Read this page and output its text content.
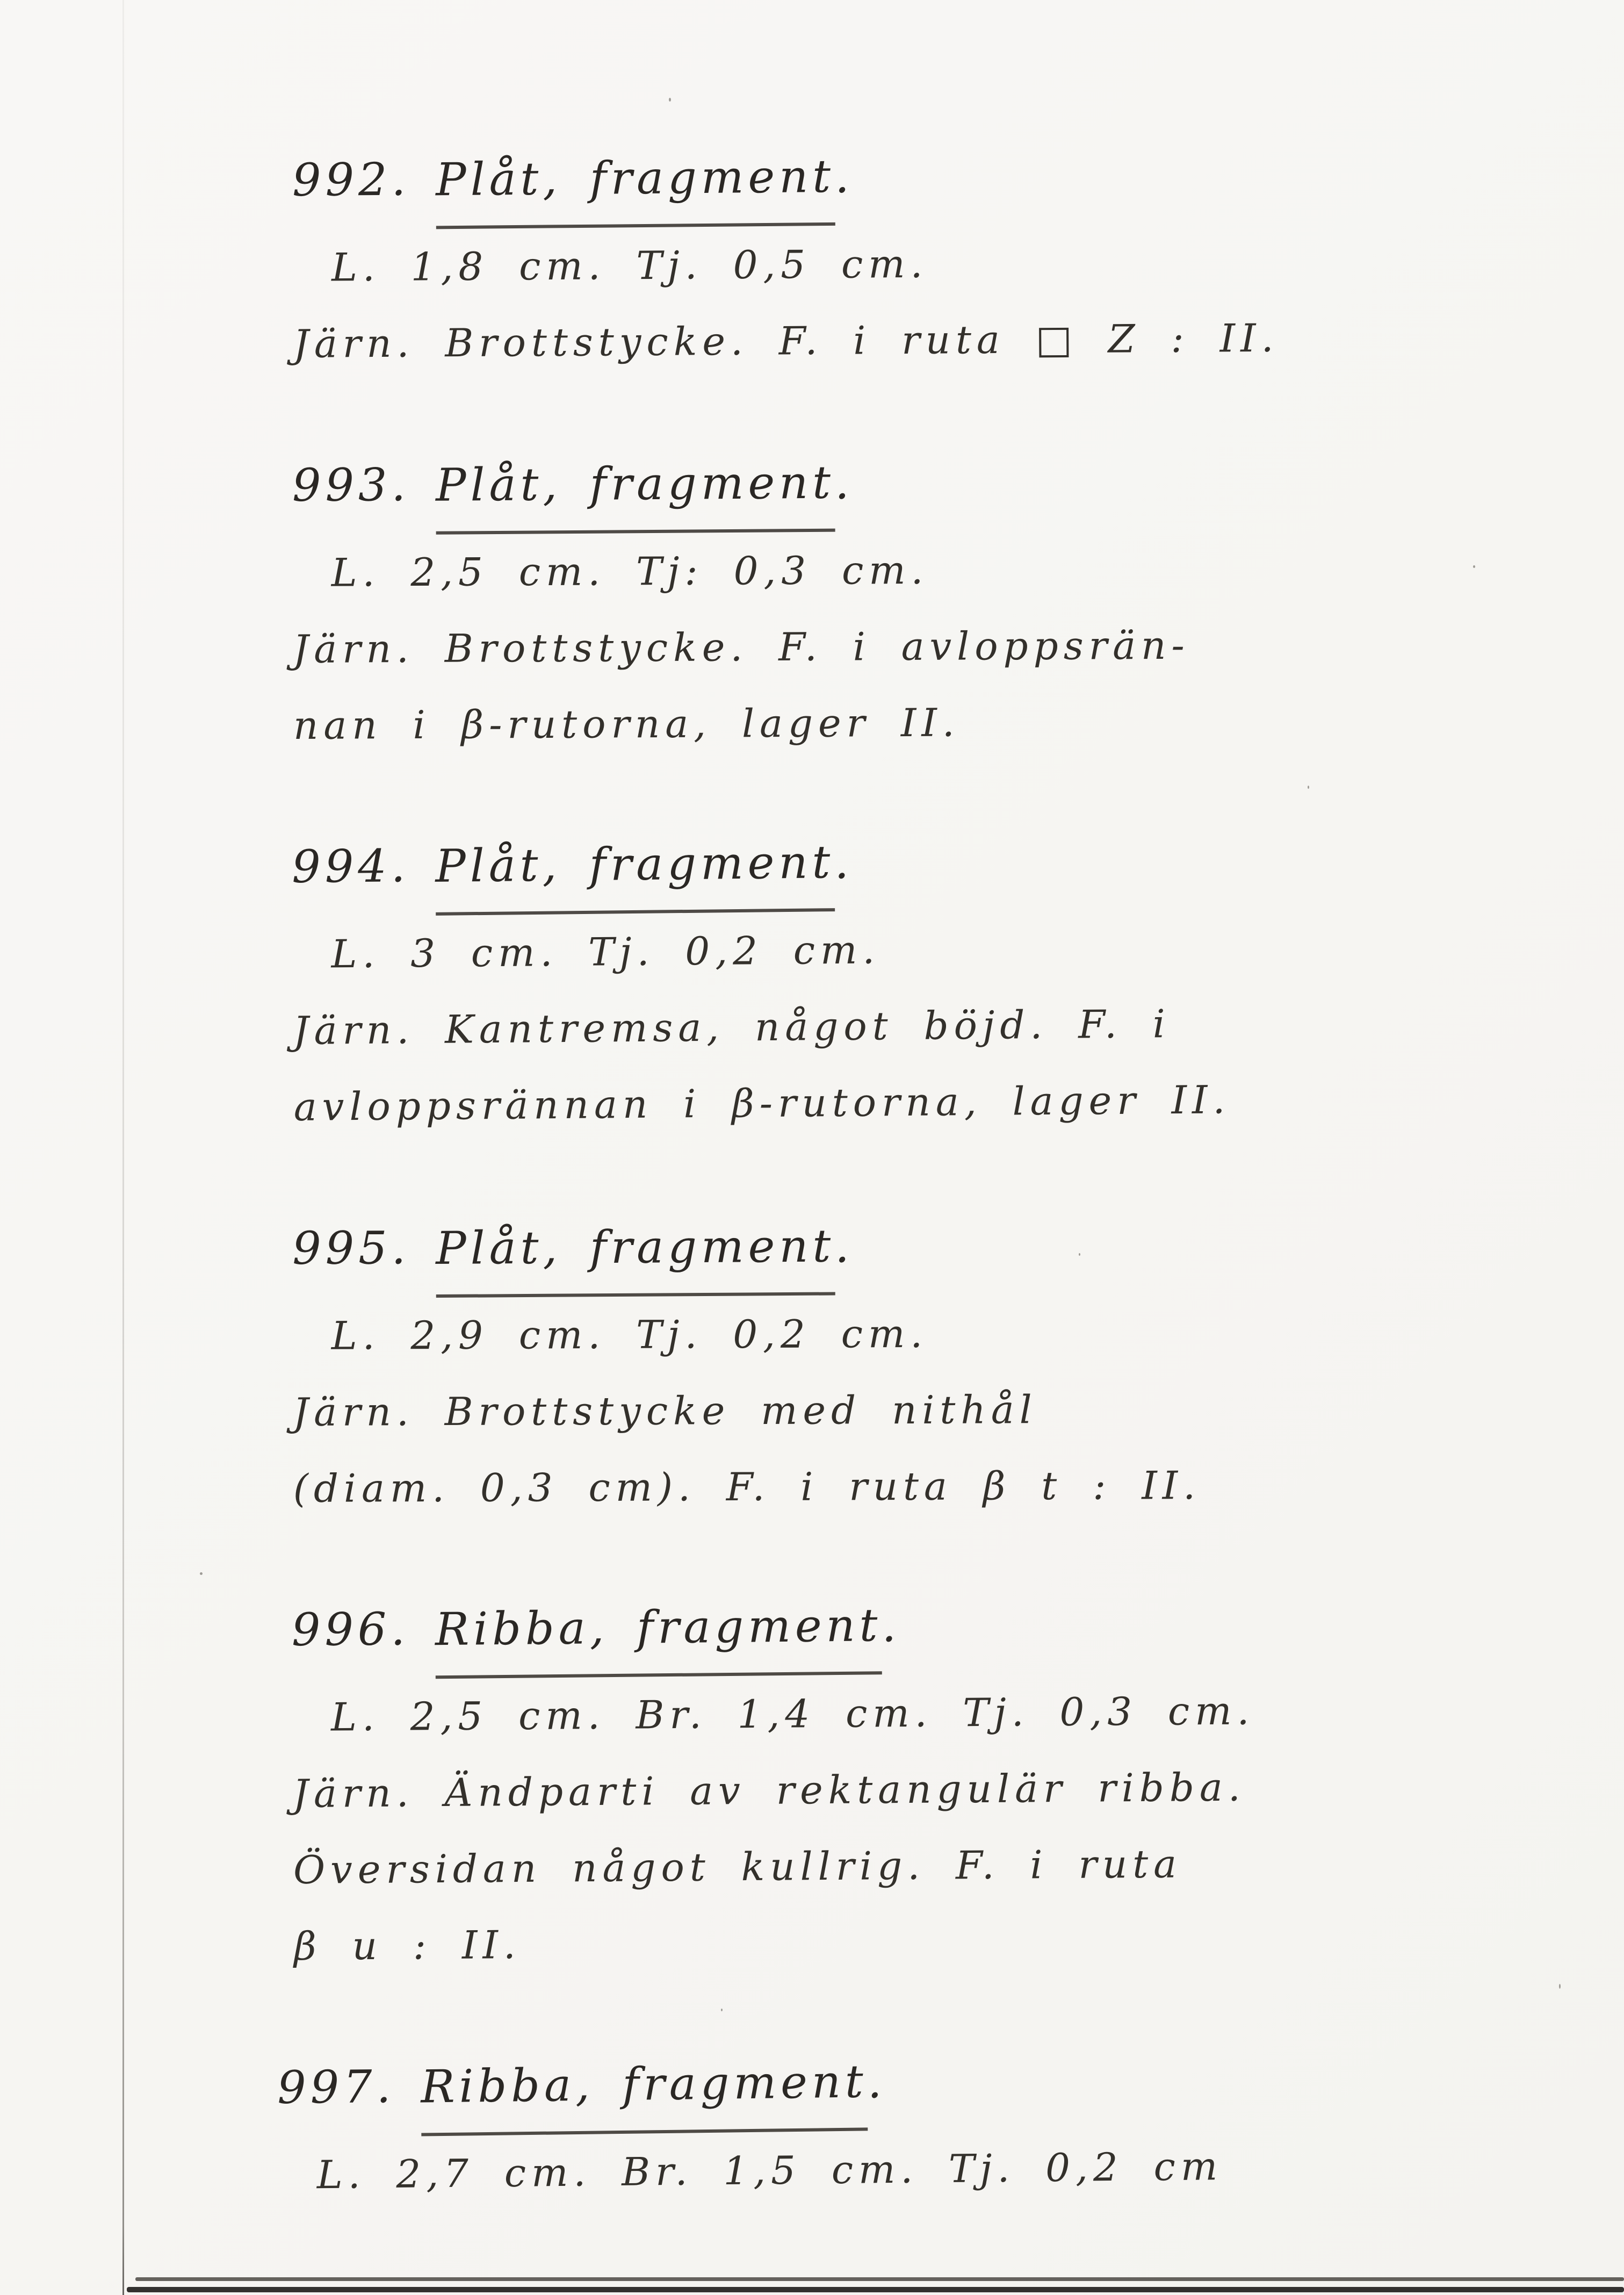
992. Plåt, fragment.
L. 1,8 cm. Tj. 0,5 cm.
Järn. Brottstycke. F. i ruta □ Z : II.
993. Plåt, fragment.
L. 2,5 cm. Tj: 0,3 cm.
Järn. Brottstycke. F. i avloppsrän-
nan i β-rutorna, lager II.
994. Plåt, fragment.
L. 3 cm. Tj. 0,2 cm.
Järn. Kantremsa, något böjd. F. i
avloppsrännan i β-rutorna, lager II.
995. Plåt, fragment.
L. 2,9 cm. Tj. 0,2 cm.
Järn. Brottstycke med nithål
(diam. 0,3 cm). F. i ruta β t : II.
996. Ribba, fragment.
L. 2,5 cm. Br. 1,4 cm. Tj. 0,3 cm.
Järn. Ändparti av rektangulär ribba.
Översidan något kullrig. F. i ruta
β u : II.
997. Ribba, fragment.
L. 2,7 cm. Br. 1,5 cm. Tj. 0,2 cm
